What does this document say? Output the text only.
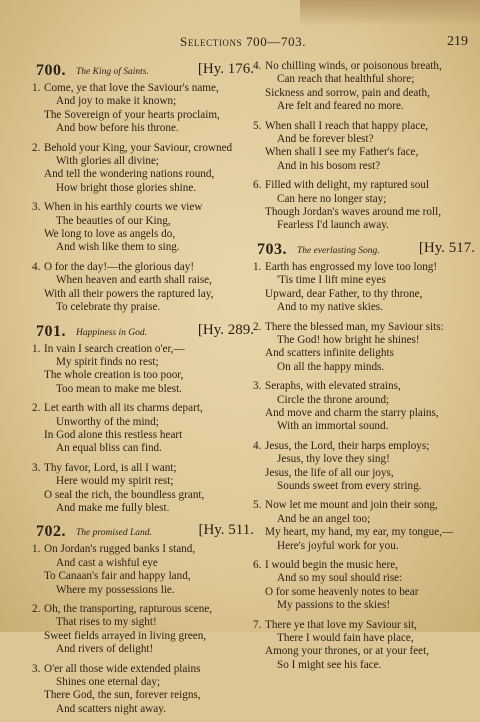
Selections 700—703.	219
700. The King of Saints.	[Hy. 176.
1. Come, ye that love the Saviour's name,
And joy to make it known;
The Sovereign of your hearts proclaim,
And bow before his throne.
2. Behold your King, your Saviour, crowned
With glories all divine;
And tell the wondering nations round,
How bright those glories shine.
3. When in his earthly courts we view
The beauties of our King,
We long to love as angels do,
And wish like them to sing.
4. O for the day!—the glorious day!
When heaven and earth shall raise,
With all their powers the raptured lay,
To celebrate thy praise.
701. Happiness in God.	[Hy. 289.
1. In vain I search creation o'er,—
My spirit finds no rest;
The whole creation is too poor,
Too mean to make me blest.
2. Let earth with all its charms depart,
Unworthy of the mind;
In God alone this restless heart
An equal bliss can find.
3. Thy favor, Lord, is all I want;
Here would my spirit rest;
O seal the rich, the boundless grant,
And make me fully blest.
702. The promised Land.	[Hy. 511.
1. On Jordan's rugged banks I stand,
And cast a wishful eye
To Canaan's fair and happy land,
Where my possessions lie.
2. Oh, the transporting, rapturous scene,
That rises to my sight!
Sweet fields arrayed in living green,
And rivers of delight!
3. O'er all those wide extended plains
Shines one eternal day;
There God, the sun, forever reigns,
And scatters night away.
4. No chilling winds, or poisonous breath,
Can reach that healthful shore;
Sickness and sorrow, pain and death,
Are felt and feared no more.
5. When shall I reach that happy place,
And be forever blest?
When shall I see my Father's face,
And in his bosom rest?
6. Filled with delight, my raptured soul
Can here no longer stay;
Though Jordan's waves around me roll,
Fearless I'd launch away.
703. The everlasting Song.	[Hy. 517.
1. Earth has engrossed my love too long!
'Tis time I lift mine eyes
Upward, dear Father, to thy throne,
And to my native skies.
2. There the blessed man, my Saviour sits:
The God! how bright he shines!
And scatters infinite delights
On all the happy minds.
3. Seraphs, with elevated strains,
Circle the throne around;
And move and charm the starry plains,
With an immortal sound.
4. Jesus, the Lord, their harps employs;
Jesus, thy love they sing!
Jesus, the life of all our joys,
Sounds sweet from every string.
5. Now let me mount and join their song,
And be an angel too;
My heart, my hand, my ear, my tongue,—
Here's joyful work for you.
6. I would begin the music here,
And so my soul should rise:
O for some heavenly notes to bear
My passions to the skies!
7. There ye that love my Saviour sit,
There I would fain have place,
Among your thrones, or at your feet,
So I might see his face.
